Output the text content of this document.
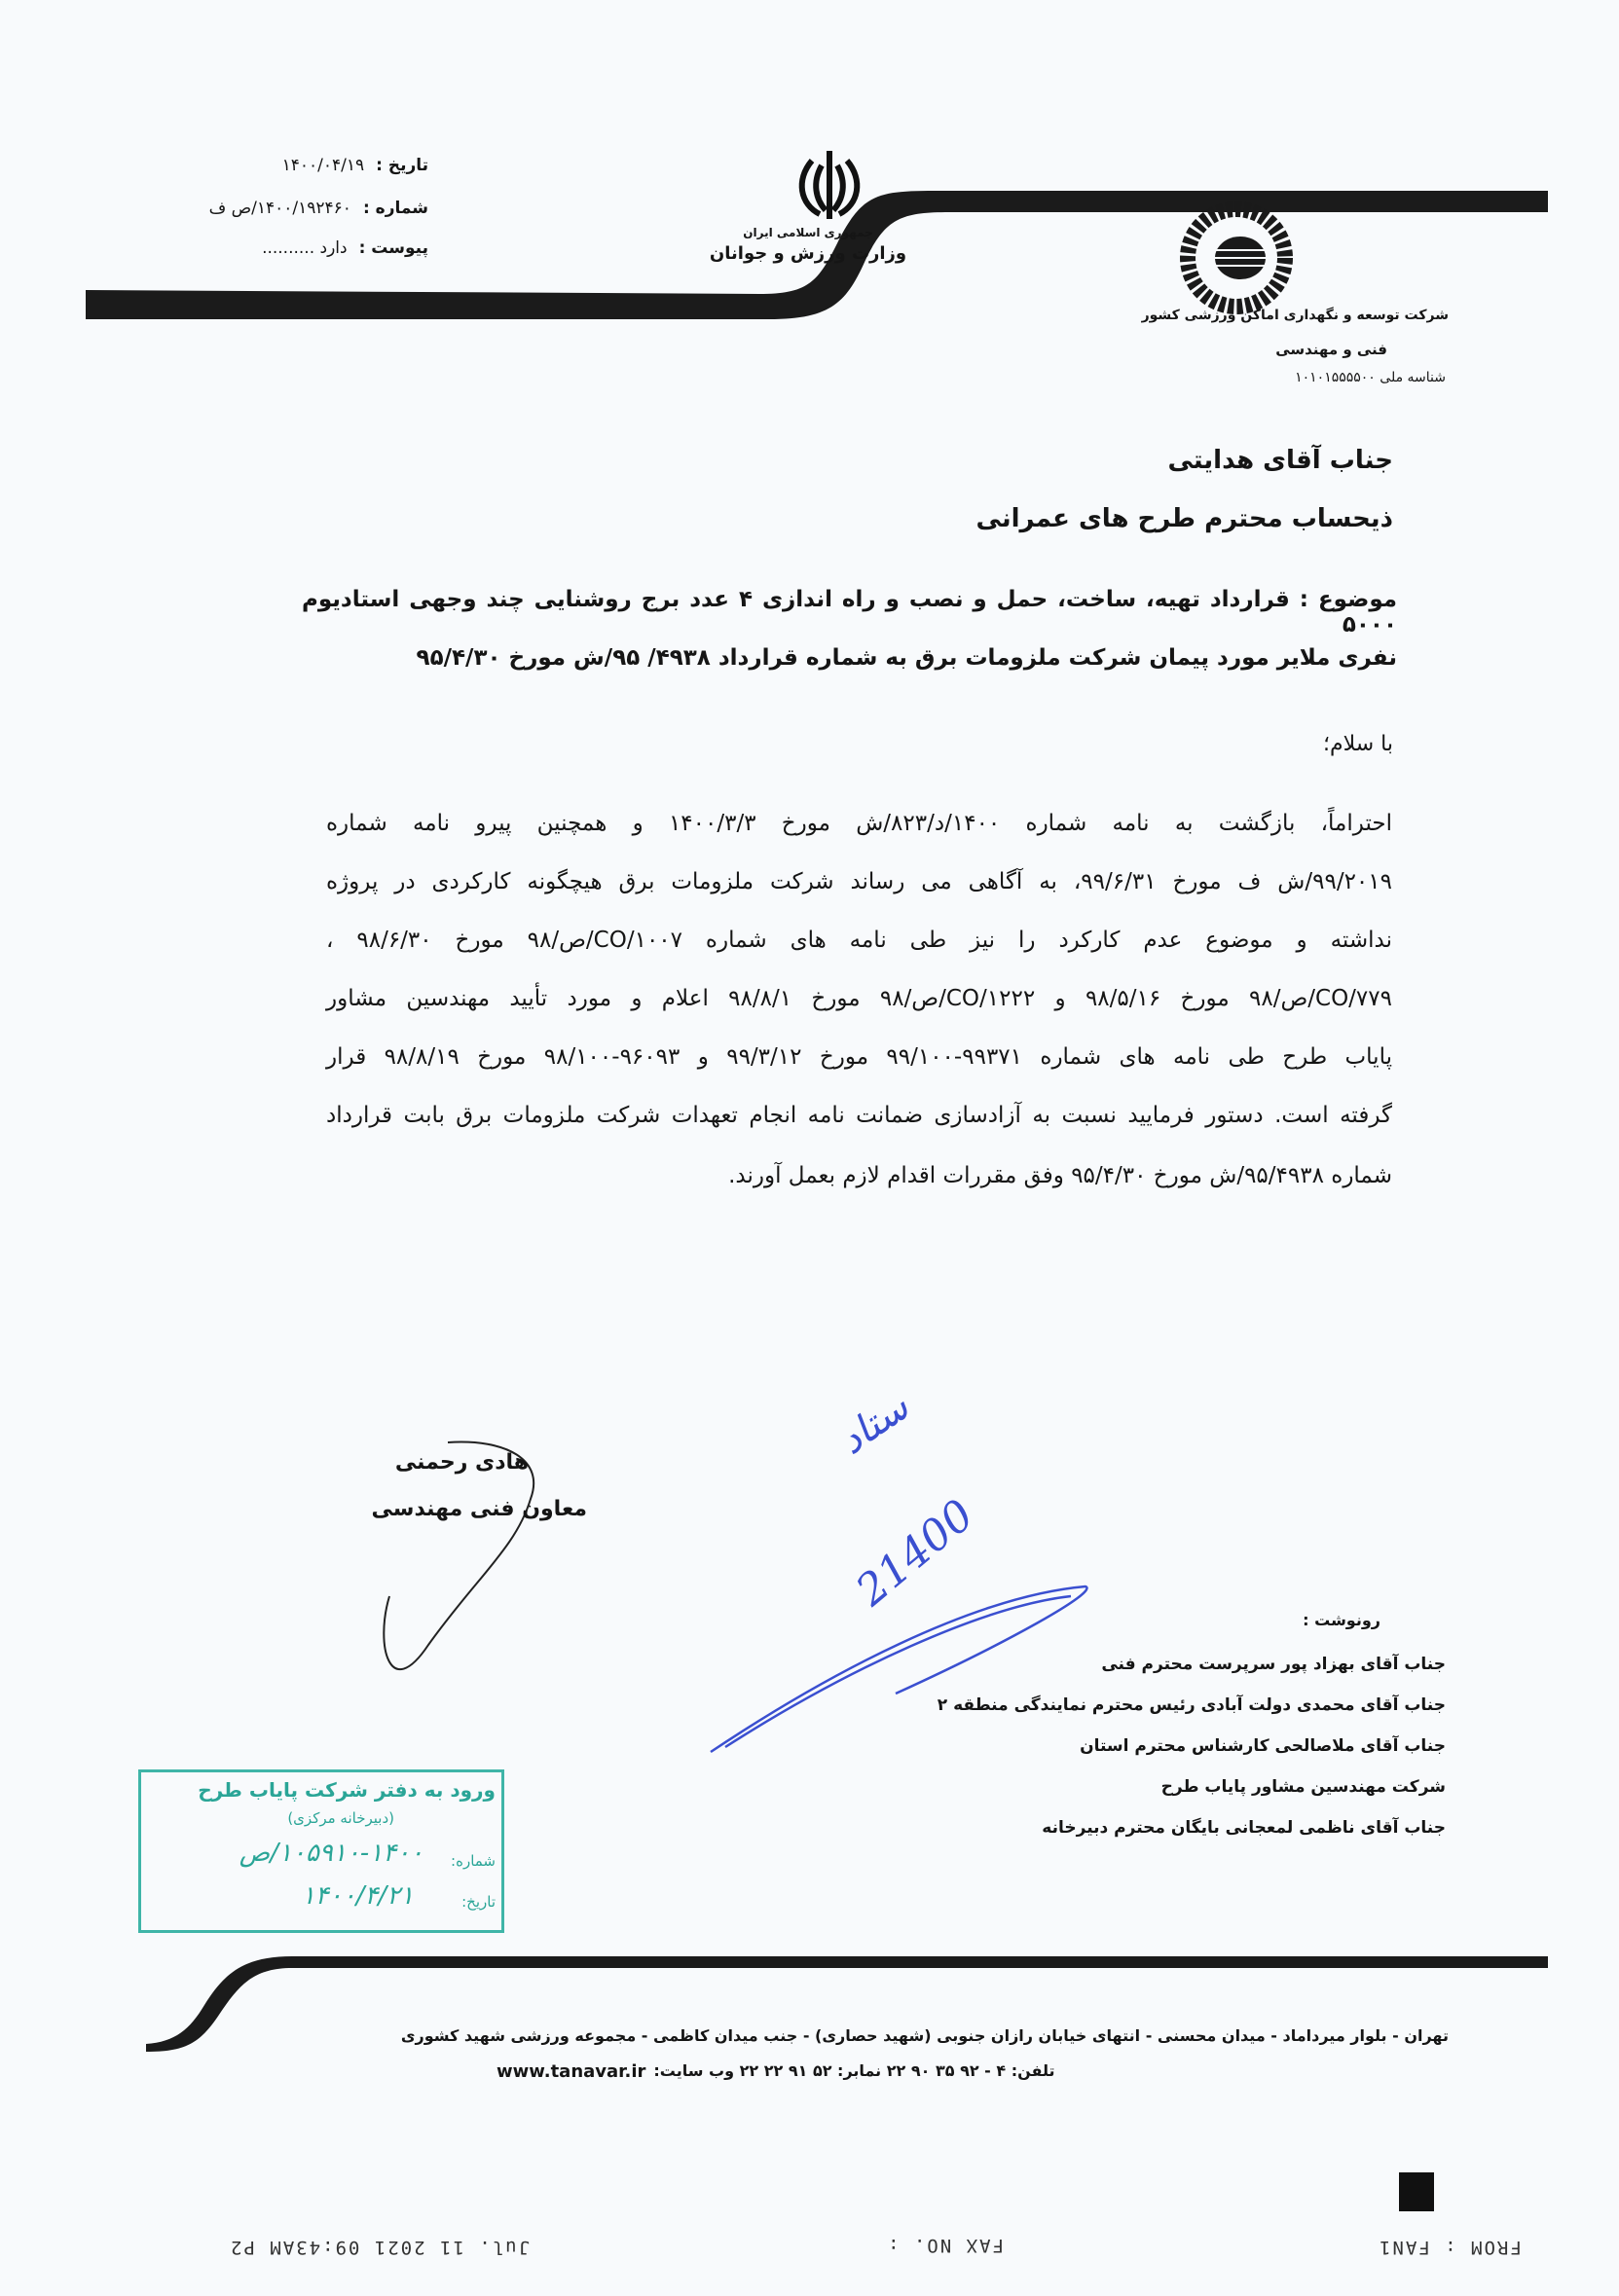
تاریخ :
۱۴۰۰/۰۴/۱۹
شماره :
۱۴۰۰/۱۹۲۴۶۰/ص ف
پیوست :
دارد ..........
جمهوری اسلامی ایران
وزارت ورزش و جوانان
شرکت توسعه و نگهداری اماکن ورزشی کشور
فنی و مهندسی
شناسه ملی ۱۰۱۰۱۵۵۵۵۰۰
جناب آقای هدایتی
ذیحساب محترم طرح های عمرانی
موضوع : قرارداد تهیه، ساخت، حمل و نصب و راه اندازی ۴ عدد برج روشنایی چند وجهی استادیوم ۵۰۰۰
نفری ملایر مورد پیمان شرکت ملزومات برق به شماره قرارداد ۴۹۳۸/ ۹۵/ش مورخ ۹۵/۴/۳۰
با سلام؛
احتراماً، بازگشت به نامه شماره ۱۴۰۰/د/۸۲۳/ش مورخ ۱۴۰۰/۳/۳ و همچنین پیرو نامه شماره
۹۹/۲۰۱۹/ش ف مورخ ۹۹/۶/۳۱، به آگاهی می رساند شرکت ملزومات برق هیچگونه کارکردی در پروژه
نداشته و موضوع عدم کارکرد را نیز طی نامه های شماره CO/۱۰۰۷/ص/۹۸ مورخ ۹۸/۶/۳۰ ،
CO/۷۷۹/ص/۹۸ مورخ ۹۸/۵/۱۶ و CO/۱۲۲۲/ص/۹۸ مورخ ۹۸/۸/۱ اعلام و مورد تأیید مهندسین مشاور
پایاب طرح طی نامه های شماره ۹۹۳۷۱-۹۹/۱۰۰ مورخ ۹۹/۳/۱۲ و ۹۶۰۹۳-۹۸/۱۰۰ مورخ ۹۸/۸/۱۹ قرار
گرفته است. دستور فرمایید نسبت به آزادسازی ضمانت نامه انجام تعهدات شرکت ملزومات برق بابت قرارداد
شماره ۹۵/۴۹۳۸/ش مورخ ۹۵/۴/۳۰ وفق مقررات اقدام لازم بعمل آورند.
هادی رحمنی
معاون فنی مهندسی
ستاد
21400
رونوشت :
جناب آقای بهزاد پور سرپرست محترم فنی
جناب آقای محمدی دولت آبادی رئیس محترم نمایندگی منطقه ۲
جناب آقای ملاصالحی کارشناس محترم استان
شرکت مهندسین مشاور پایاب طرح
جناب آقای ناظمی لمعجانی بایگان محترم دبیرخانه
ورود به دفتر شرکت پایاب طرح
(دبیرخانه مرکزی)
شماره:
۱۰۵۹۱۰-۱۴۰۰/ص
تاریخ:
۱۴۰۰/۴/۲۱
تهران - بلوار میرداماد - میدان محسنی - انتهای خیابان رازان جنوبی (شهید حصاری) - جنب میدان کاظمی - مجموعه ورزشی شهید کشوری
تلفن: ۴ - ۹۲ ۳۵ ۹۰ ۲۲ نمابر: ۵۲ ۹۱ ۲۲ ۲۲ وب سایت:
www.tanavar.ir
FROM : FAN1
FAX NO. :
Jul. 11 2021 09:43AM P2
